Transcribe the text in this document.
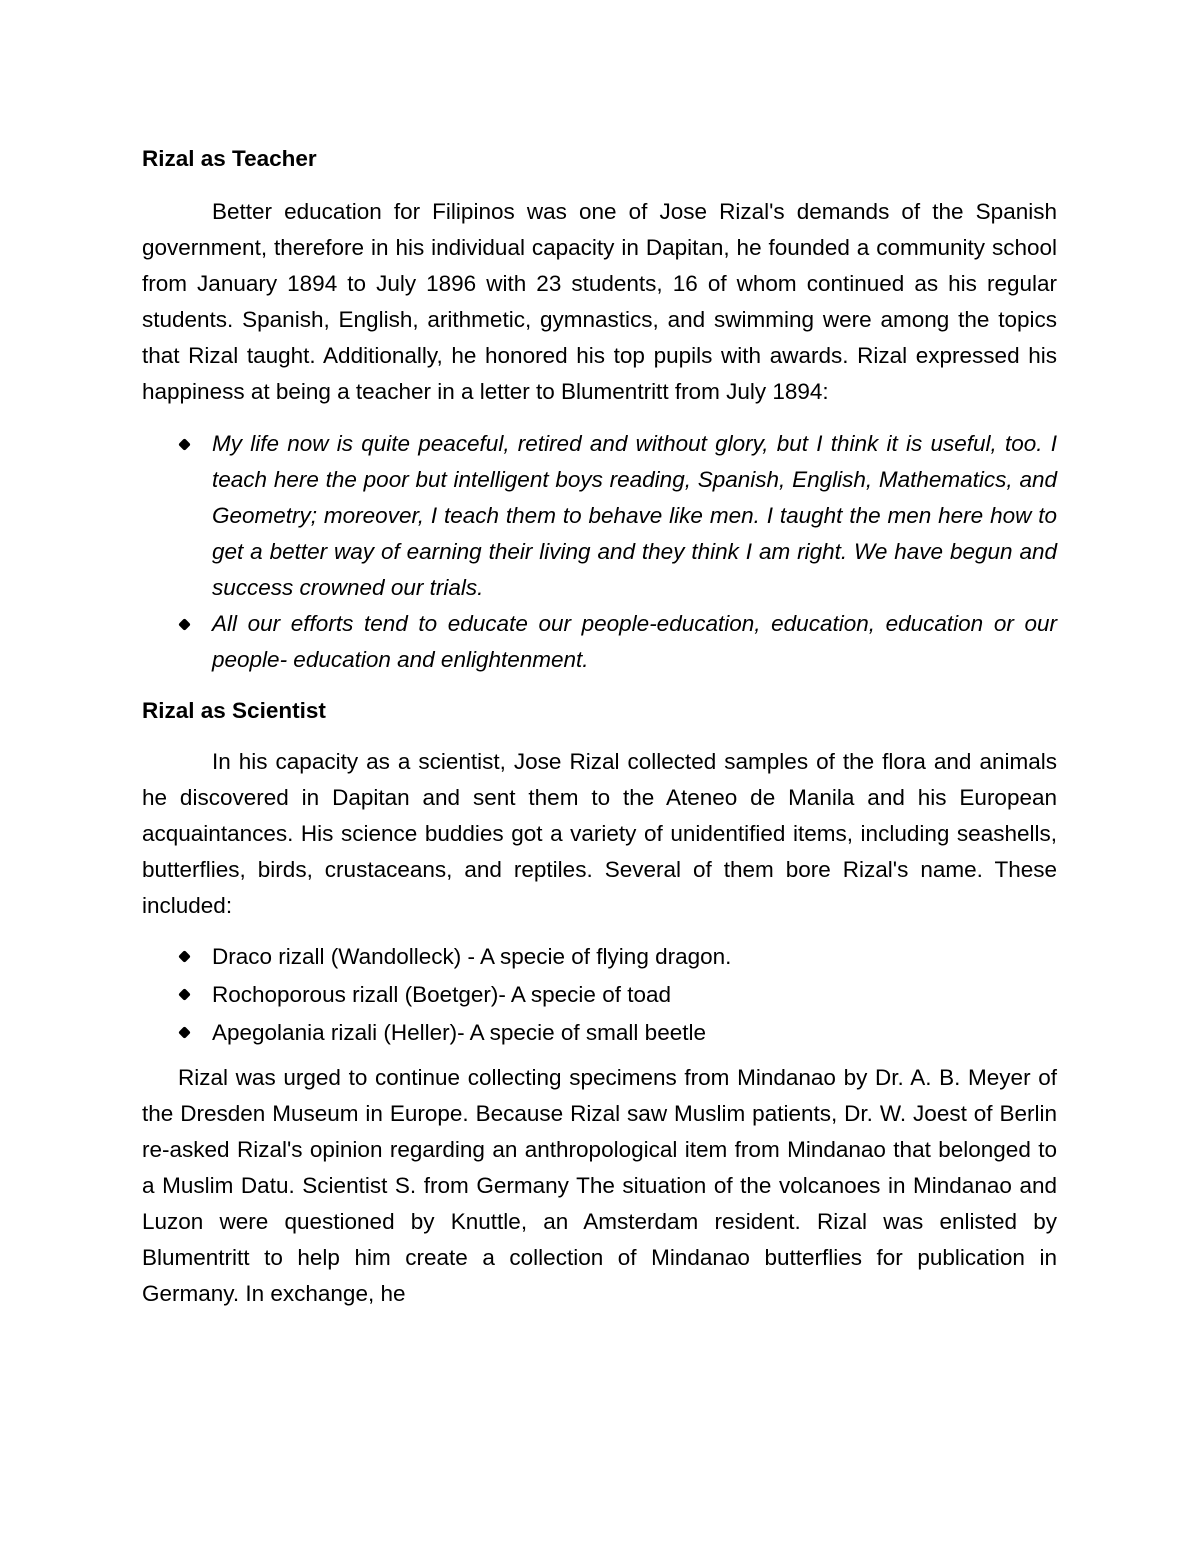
Rizal as Teacher

Better education for Filipinos was one of Jose Rizal's demands of the Spanish government, therefore in his individual capacity in Dapitan, he founded a community school from January 1894 to July 1896 with 23 students, 16 of whom continued as his regular students. Spanish, English, arithmetic, gymnastics, and swimming were among the topics that Rizal taught. Additionally, he honored his top pupils with awards. Rizal expressed his happiness at being a teacher in a letter to Blumentritt from July 1894:

My life now is quite peaceful, retired and without glory, but I think it is useful, too. I teach here the poor but intelligent boys reading, Spanish, English, Mathematics, and Geometry; moreover, I teach them to behave like men. I taught the men here how to get a better way of earning their living and they think I am right. We have begun and success crowned our trials.
All our efforts tend to educate our people-education, education, education or our people- education and enlightenment.

Rizal as Scientist

In his capacity as a scientist, Jose Rizal collected samples of the flora and animals he discovered in Dapitan and sent them to the Ateneo de Manila and his European acquaintances. His science buddies got a variety of unidentified items, including seashells, butterflies, birds, crustaceans, and reptiles. Several of them bore Rizal's name. These included:

Draco rizall (Wandolleck) - A specie of flying dragon.
Rochoporous rizall (Boetger)- A specie of toad
Apegolania rizali (Heller)- A specie of small beetle

Rizal was urged to continue collecting specimens from Mindanao by Dr. A. B. Meyer of the Dresden Museum in Europe. Because Rizal saw Muslim patients, Dr. W. Joest of Berlin re-asked Rizal's opinion regarding an anthropological item from Mindanao that belonged to a Muslim Datu. Scientist S. from Germany The situation of the volcanoes in Mindanao and Luzon were questioned by Knuttle, an Amsterdam resident. Rizal was enlisted by Blumentritt to help him create a collection of Mindanao butterflies for publication in Germany. In exchange, he
